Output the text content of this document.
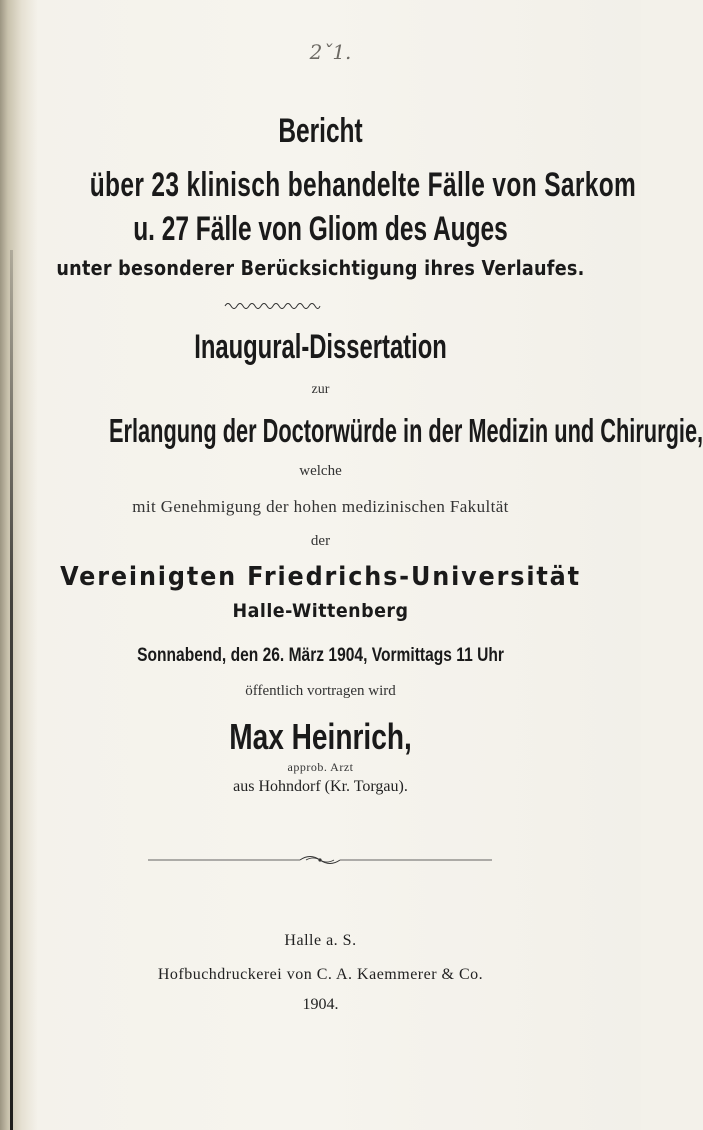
2ˇ1.
Bericht
über 23 klinisch behandelte Fälle von Sarkom
u. 27 Fälle von Gliom des Auges
unter besonderer Berücksichtigung ihres Verlaufes.
Inaugural-Dissertation
zur
Erlangung der Doctorwürde in der Medizin und Chirurgie,
welche
mit Genehmigung der hohen medizinischen Fakultät
der
Vereinigten Friedrichs-Universität
Halle-Wittenberg
Sonnabend, den 26. März 1904, Vormittags 11 Uhr
öffentlich vortragen wird
Max Heinrich,
approb. Arzt
aus Hohndorf (Kr. Torgau).
Halle a. S.
Hofbuchdruckerei von C. A. Kaemmerer & Co.
1904.
